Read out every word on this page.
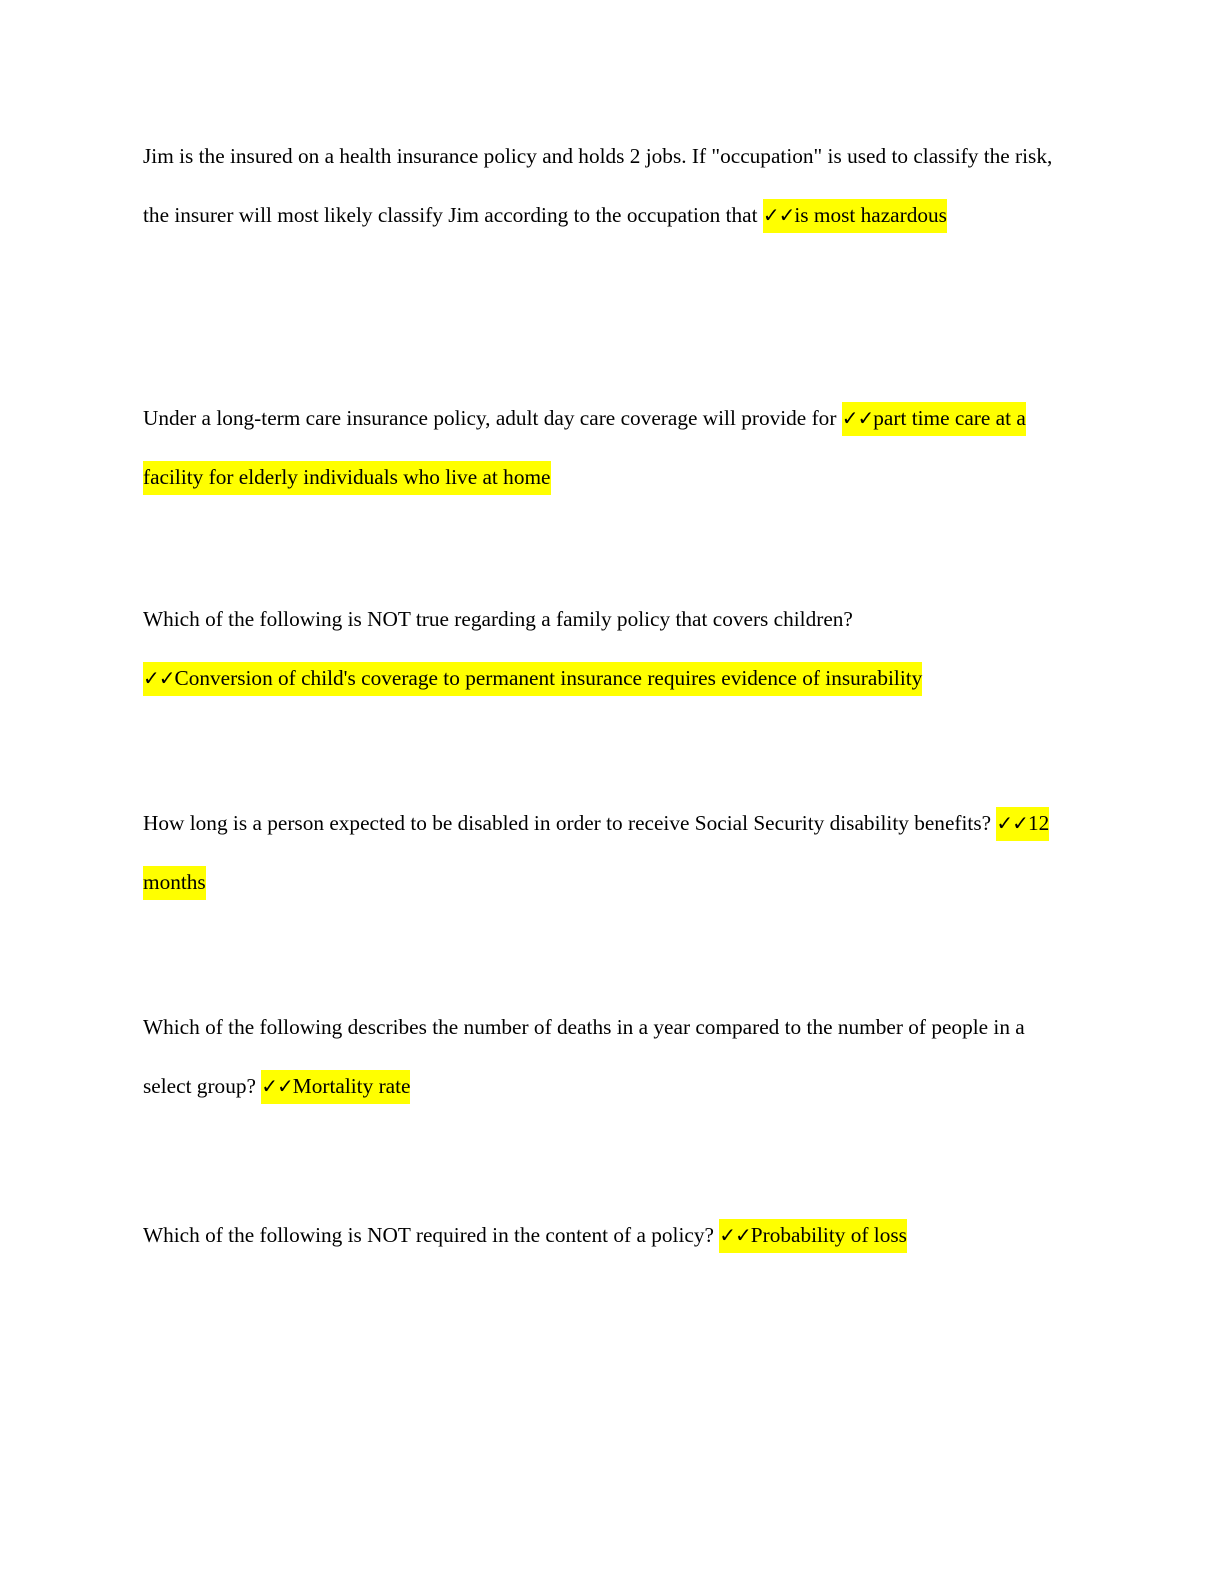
Jim is the insured on a health insurance policy and holds 2 jobs. If "occupation" is used to classify the risk, the insurer will most likely classify Jim according to the occupation that ✓✓is most hazardous

Under a long-term care insurance policy, adult day care coverage will provide for ✓✓part time care at a facility for elderly individuals who live at home

Which of the following is NOT true regarding a family policy that covers children?
✓✓Conversion of child's coverage to permanent insurance requires evidence of insurability

How long is a person expected to be disabled in order to receive Social Security disability benefits? ✓✓12 months

Which of the following describes the number of deaths in a year compared to the number of people in a select group? ✓✓Mortality rate

Which of the following is NOT required in the content of a policy? ✓✓Probability of loss
